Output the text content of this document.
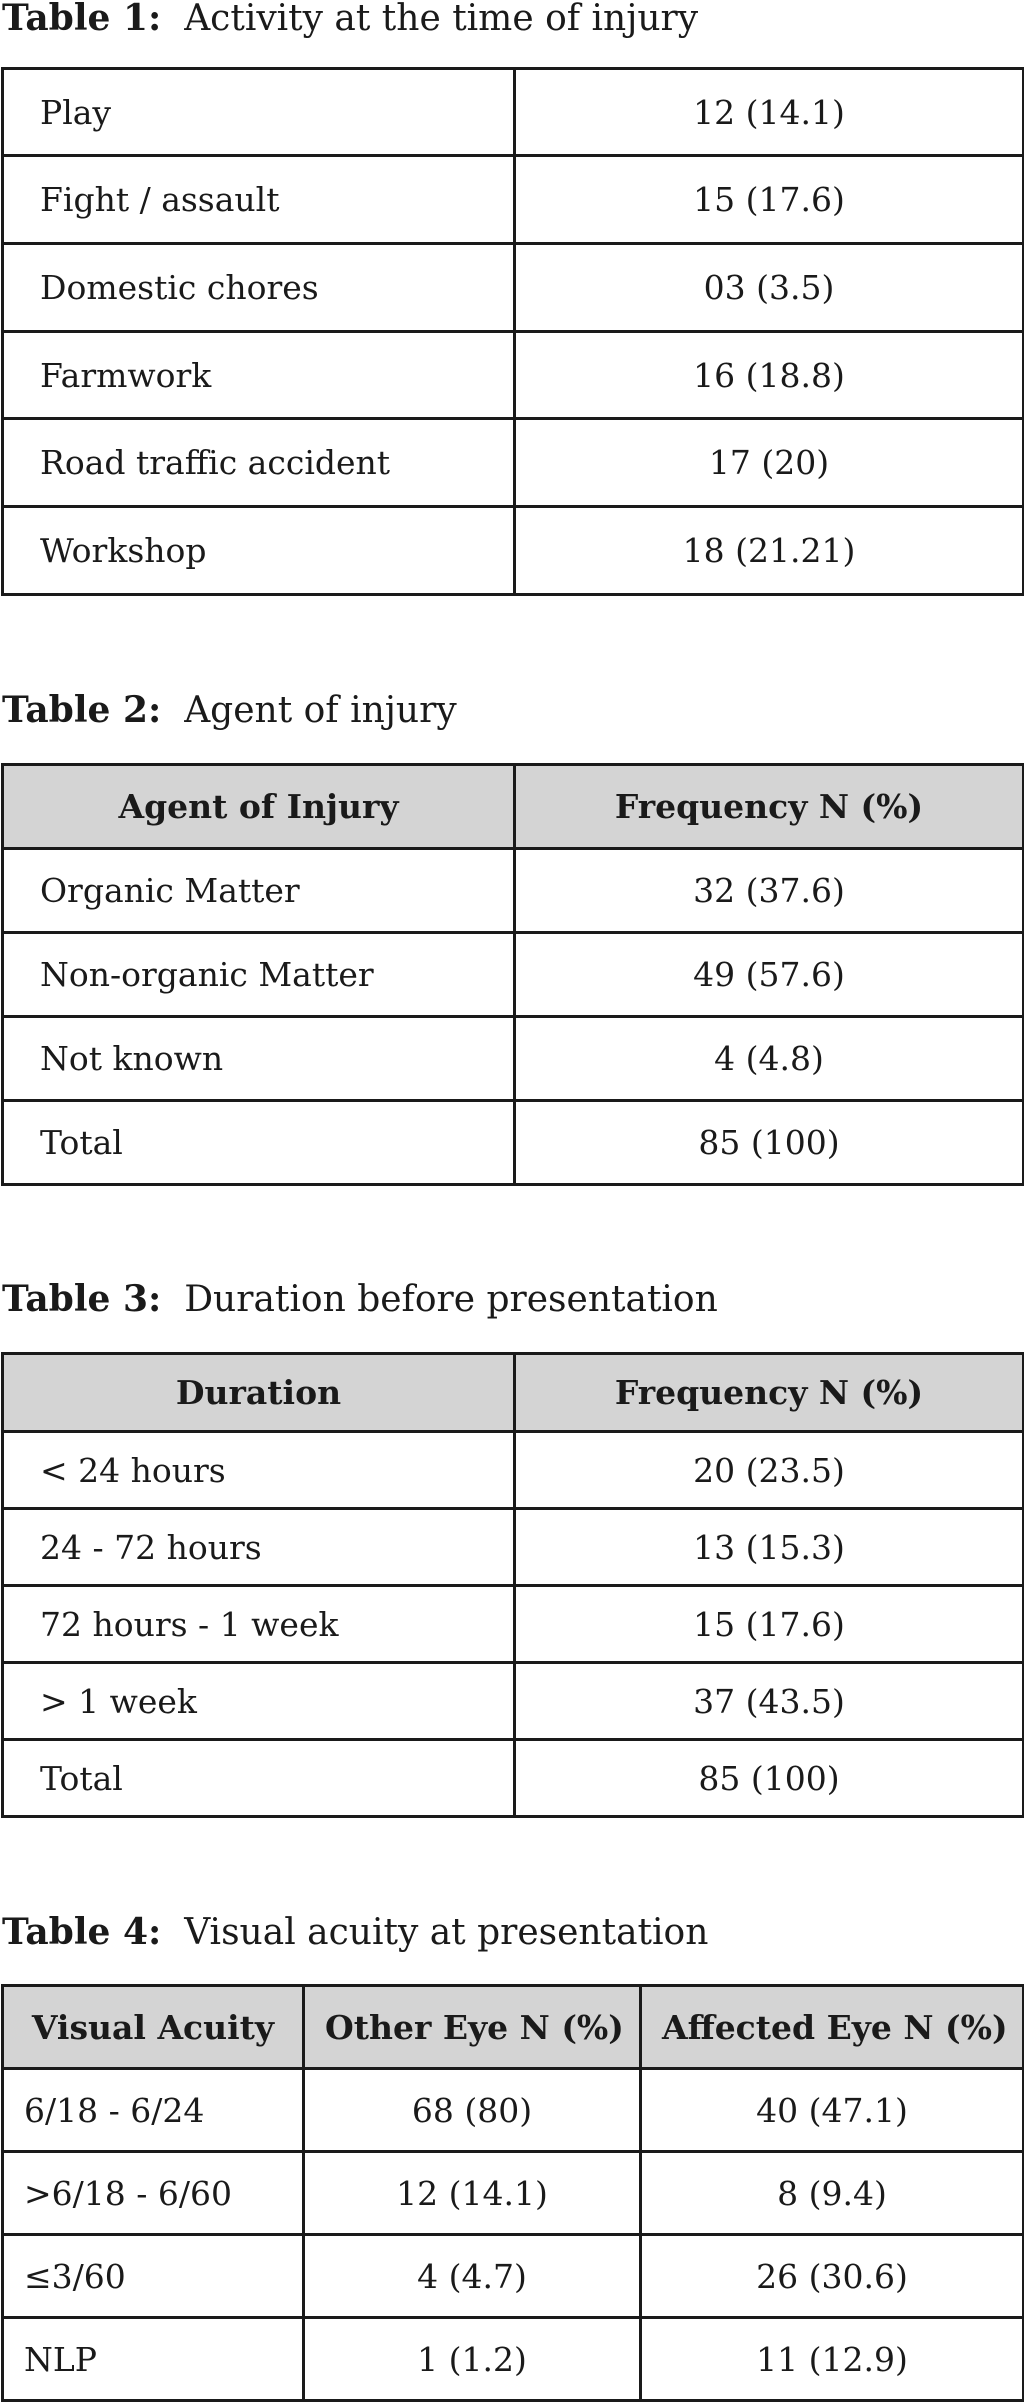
Table 1: Activity at the time of injury
Play	12 (14.1)
Fight / assault	15 (17.6)
Domestic chores	03 (3.5)
Farmwork	16 (18.8)
Road traffic accident	17 (20)
Workshop	18 (21.21)
Table 2: Agent of injury
Agent of Injury	Frequency N (%)
Organic Matter	32 (37.6)
Non-organic Matter	49 (57.6)
Not known	4 (4.8)
Total	85 (100)
Table 3: Duration before presentation
Duration	Frequency N (%)
< 24 hours	20 (23.5)
24 - 72 hours	13 (15.3)
72 hours - 1 week	15 (17.6)
> 1 week	37 (43.5)
Total	85 (100)
Table 4: Visual acuity at presentation
Visual Acuity	Other Eye N (%)	Affected Eye N (%)
6/18 - 6/24	68 (80)	40 (47.1)
>6/18 - 6/60	12 (14.1)	8 (9.4)
≤3/60	4 (4.7)	26 (30.6)
NLP	1 (1.2)	11 (12.9)
